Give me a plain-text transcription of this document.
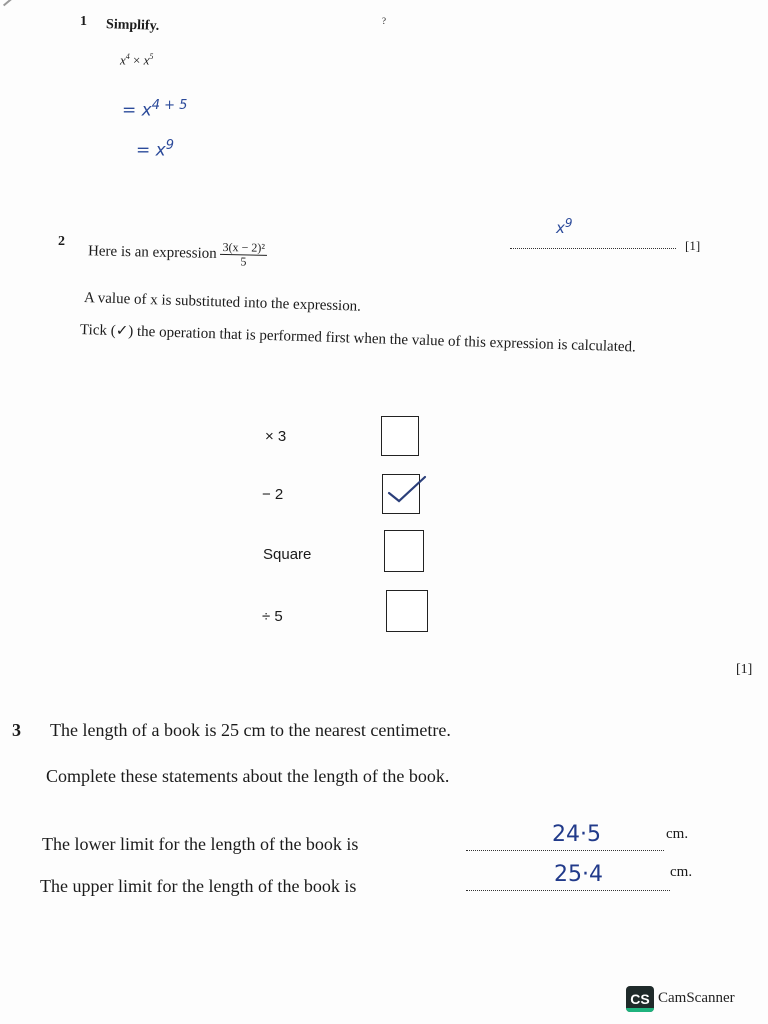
?
1 Simplify.
$x^4 \times x^5$
= $x^{4 + 5}$
= $x^9$
$x^9$
[1]
2
Here is an expression $\frac{\text{3(x − 2)²}}{5}$
A value of x is substituted into the expression.
Tick (✓) the operation that is performed first when the value of this expression is calculated.
× 3
− 2
Square
÷ 5
[1]
3 The length of a book is 25 cm to the nearest centimetre.
Complete these statements about the length of the book.
The lower limit for the length of the book is	24·5	cm.
The upper limit for the length of the book is	25·4	cm.
CS CamScanner
